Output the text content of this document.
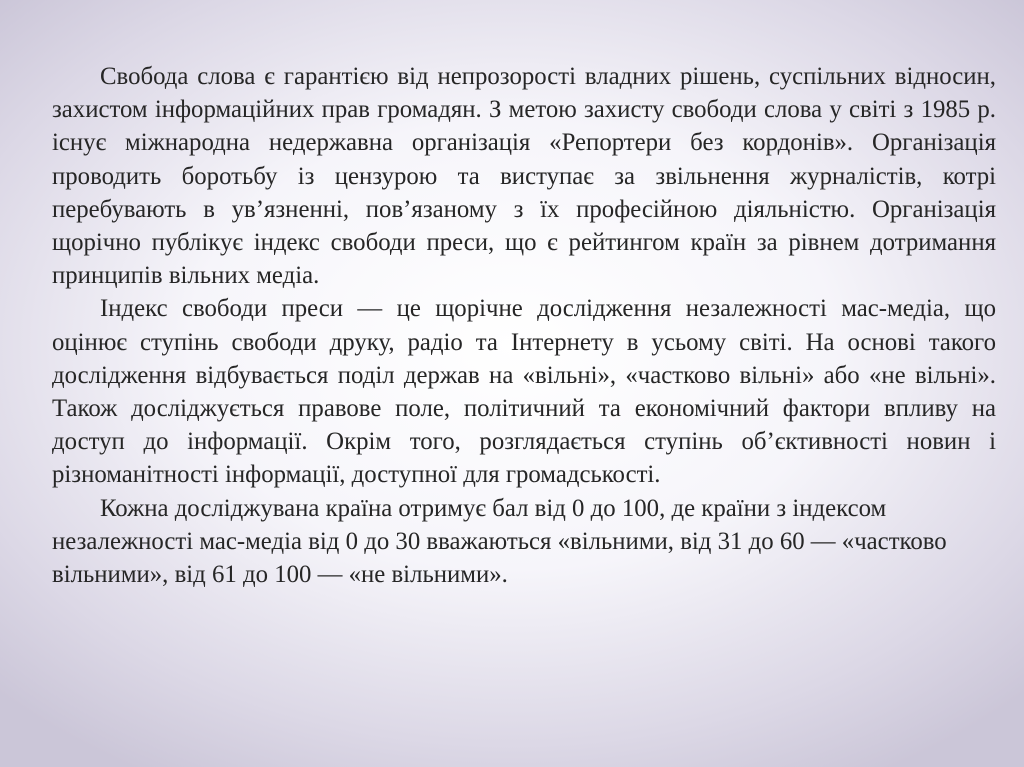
Свобода слова є гарантією від непрозорості владних рішень, суспільних відносин, захистом інформаційних прав громадян. З метою захисту свободи слова у світі з 1985 р. існує міжнародна недержавна організація «Репортери без кордонів». Організація проводить боротьбу із цензурою та виступає за звільнення журналістів, котрі перебувають в ув’язненні, пов’язаному з їх професійною діяльністю. Організація щорічно публікує індекс свободи преси, що є рейтингом країн за рівнем дотримання принципів вільних медіа.

Індекс свободи преси — це щорічне дослідження незалежності мас-медіа, що оцінює ступінь свободи друку, радіо та Інтернету в усьому світі. На основі такого дослідження відбувається поділ держав на «вільні», «частково вільні» або «не вільні». Також досліджується правове поле, політичний та економічний фактори впливу на доступ до інформації. Окрім того, розглядається ступінь об’єктивності новин і різноманітності інформації, доступної для громадськості.

Кожна досліджувана країна отримує бал від 0 до 100, де країни з індексом незалежності мас-медіа від 0 до 30 вважаються «вільними, від 31 до 60 — «частково вільними», від 61 до 100 — «не вільними».
